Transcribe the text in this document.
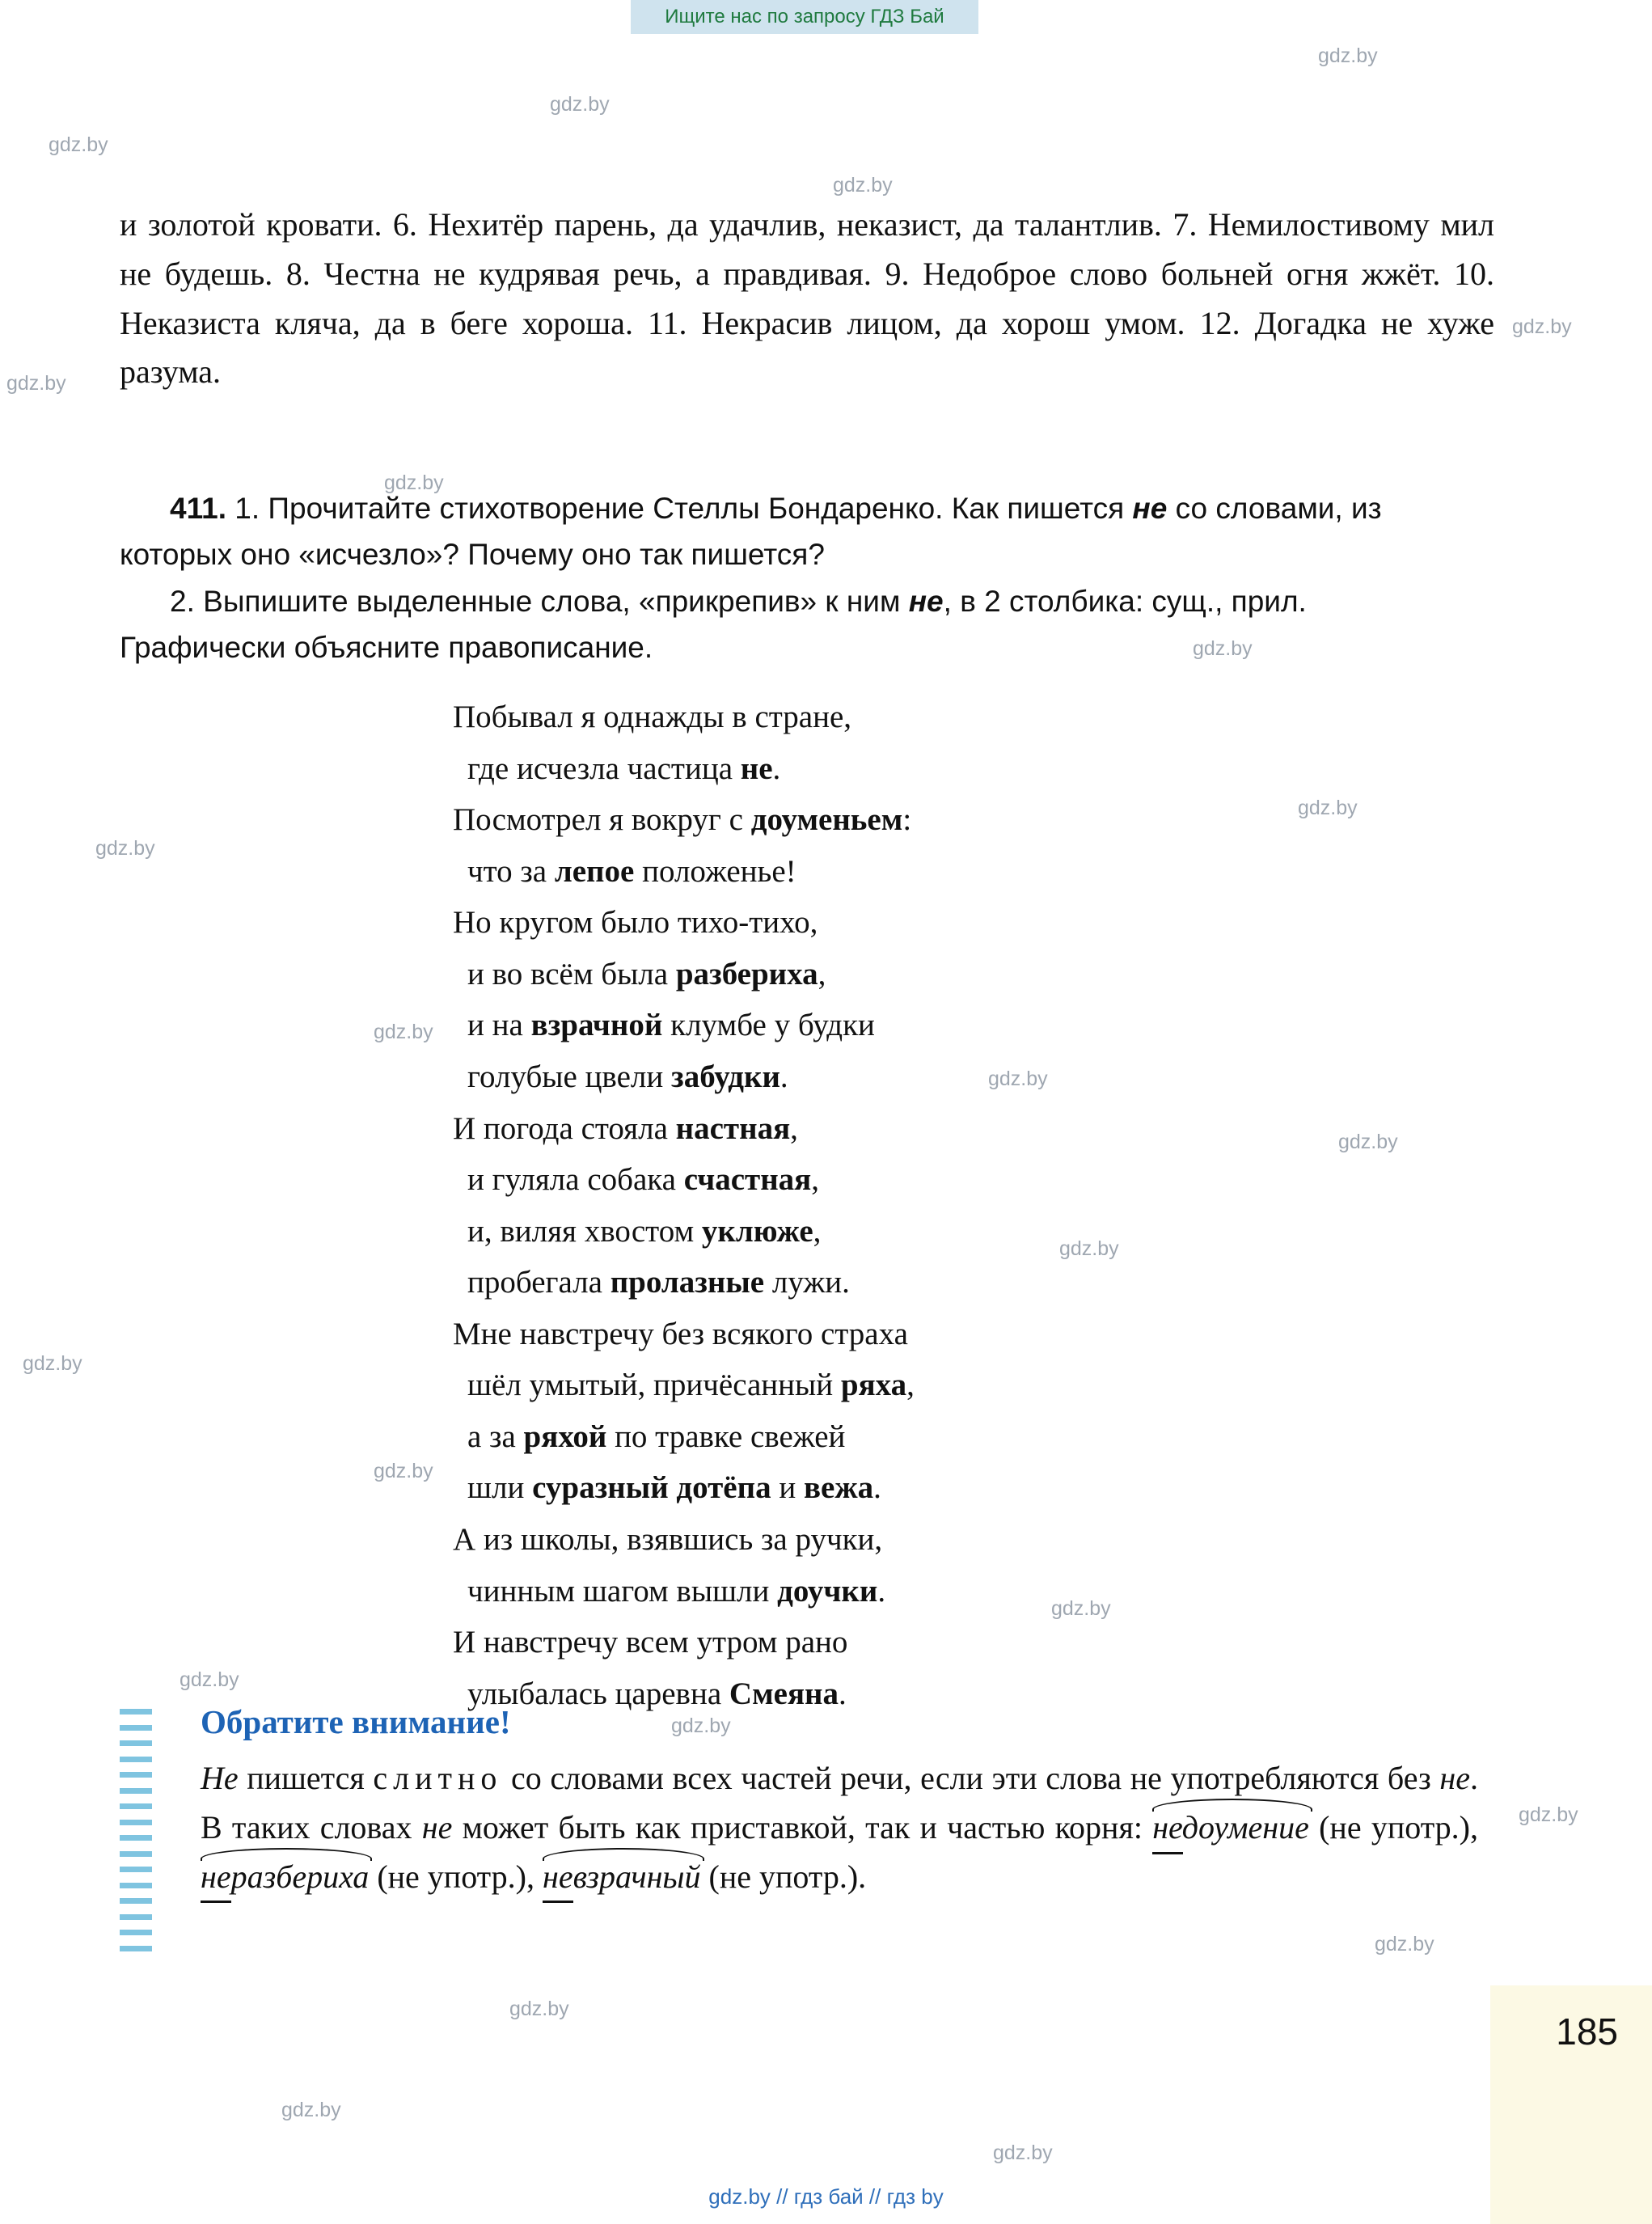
Ищите нас по запросу ГДЗ Бай
gdz.by
gdz.by
gdz.by
gdz.by
gdz.by
gdz.by
gdz.by
gdz.by
gdz.by
gdz.by
gdz.by
gdz.by
gdz.by
gdz.by
gdz.by
gdz.by
gdz.by
gdz.by
gdz.by
gdz.by
gdz.by
gdz.by
gdz.by
gdz.by
и золотой кровати. 6. Нехитёр парень, да удачлив, неказист, да талантлив. 7. Немилостивому мил не будешь. 8. Честна не кудрявая речь, а правдивая. 9. Недоброе слово больней огня жжёт. 10. Неказиста кляча, да в беге хороша. 11. Некрасив лицом, да хорош умом. 12. Догадка не хуже разума.
411. 1. Прочитайте стихотворение Стеллы Бондаренко. Как пишется не со словами, из которых оно «исчезло»? Почему оно так пишется?
2. Выпишите выделенные слова, «прикрепив» к ним не, в 2 столбика: сущ., прил. Графически объясните правописание.
Побывал я однажды в стране,
где исчезла частица не.
Посмотрел я вокруг с доуменьем:
что за лепое положенье!
Но кругом было тихо-тихо,
и во всём была разбериха,
и на взрачной клумбе у будки
голубые цвели забудки.
И погода стояла настная,
и гуляла собака счастная,
и, виляя хвостом уклюже,
пробегала пролазные лужи.
Мне навстречу без всякого страха
шёл умытый, причёсанный ряха,
а за ряхой по травке свежей
шли суразный дотёпа и вежа.
А из школы, взявшись за ручки,
чинным шагом вышли доучки.
И навстречу всем утром рано
улыбалась царевна Смеяна.
Обратите внимание!
Не пишется слитно со словами всех частей речи, если эти слова не употребляются без не. В таких словах не может быть как приставкой, так и частью корня:
недоумение (не употр.),
неразбериха (не употр.),
невзрачный (не употр.).
185
gdz.by // гдз бай // гдз by
